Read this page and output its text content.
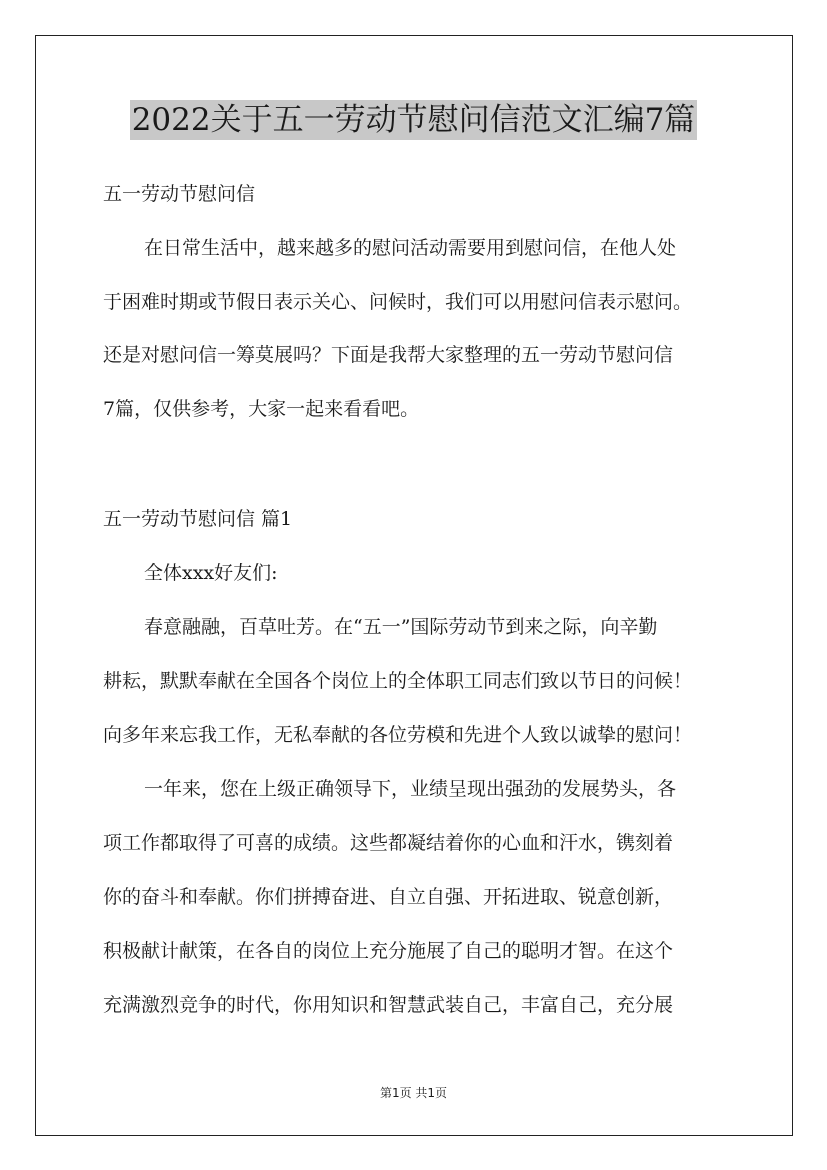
2022关于五一劳动节慰问信范文汇编7篇
五一劳动节慰问信
在日常生活中，越来越多的慰问活动需要用到慰问信，在他人处
于困难时期或节假日表示关心、问候时，我们可以用慰问信表示慰问。
还是对慰问信一筹莫展吗？下面是我帮大家整理的五一劳动节慰问信
7篇，仅供参考，大家一起来看看吧。
五一劳动节慰问信 篇1
全体xxx好友们:
春意融融，百草吐芳。在“五一”国际劳动节到来之际，向辛勤
耕耘，默默奉献在全国各个岗位上的全体职工同志们致以节日的问候！
向多年来忘我工作，无私奉献的各位劳模和先进个人致以诚挚的慰问！
一年来，您在上级正确领导下，业绩呈现出强劲的发展势头，各
项工作都取得了可喜的成绩。这些都凝结着你的心血和汗水，镌刻着
你的奋斗和奉献。你们拼搏奋进、自立自强、开拓进取、锐意创新，
积极献计献策，在各自的岗位上充分施展了自己的聪明才智。在这个
充满激烈竞争的时代，你用知识和智慧武装自己，丰富自己，充分展
第1页 共1页
